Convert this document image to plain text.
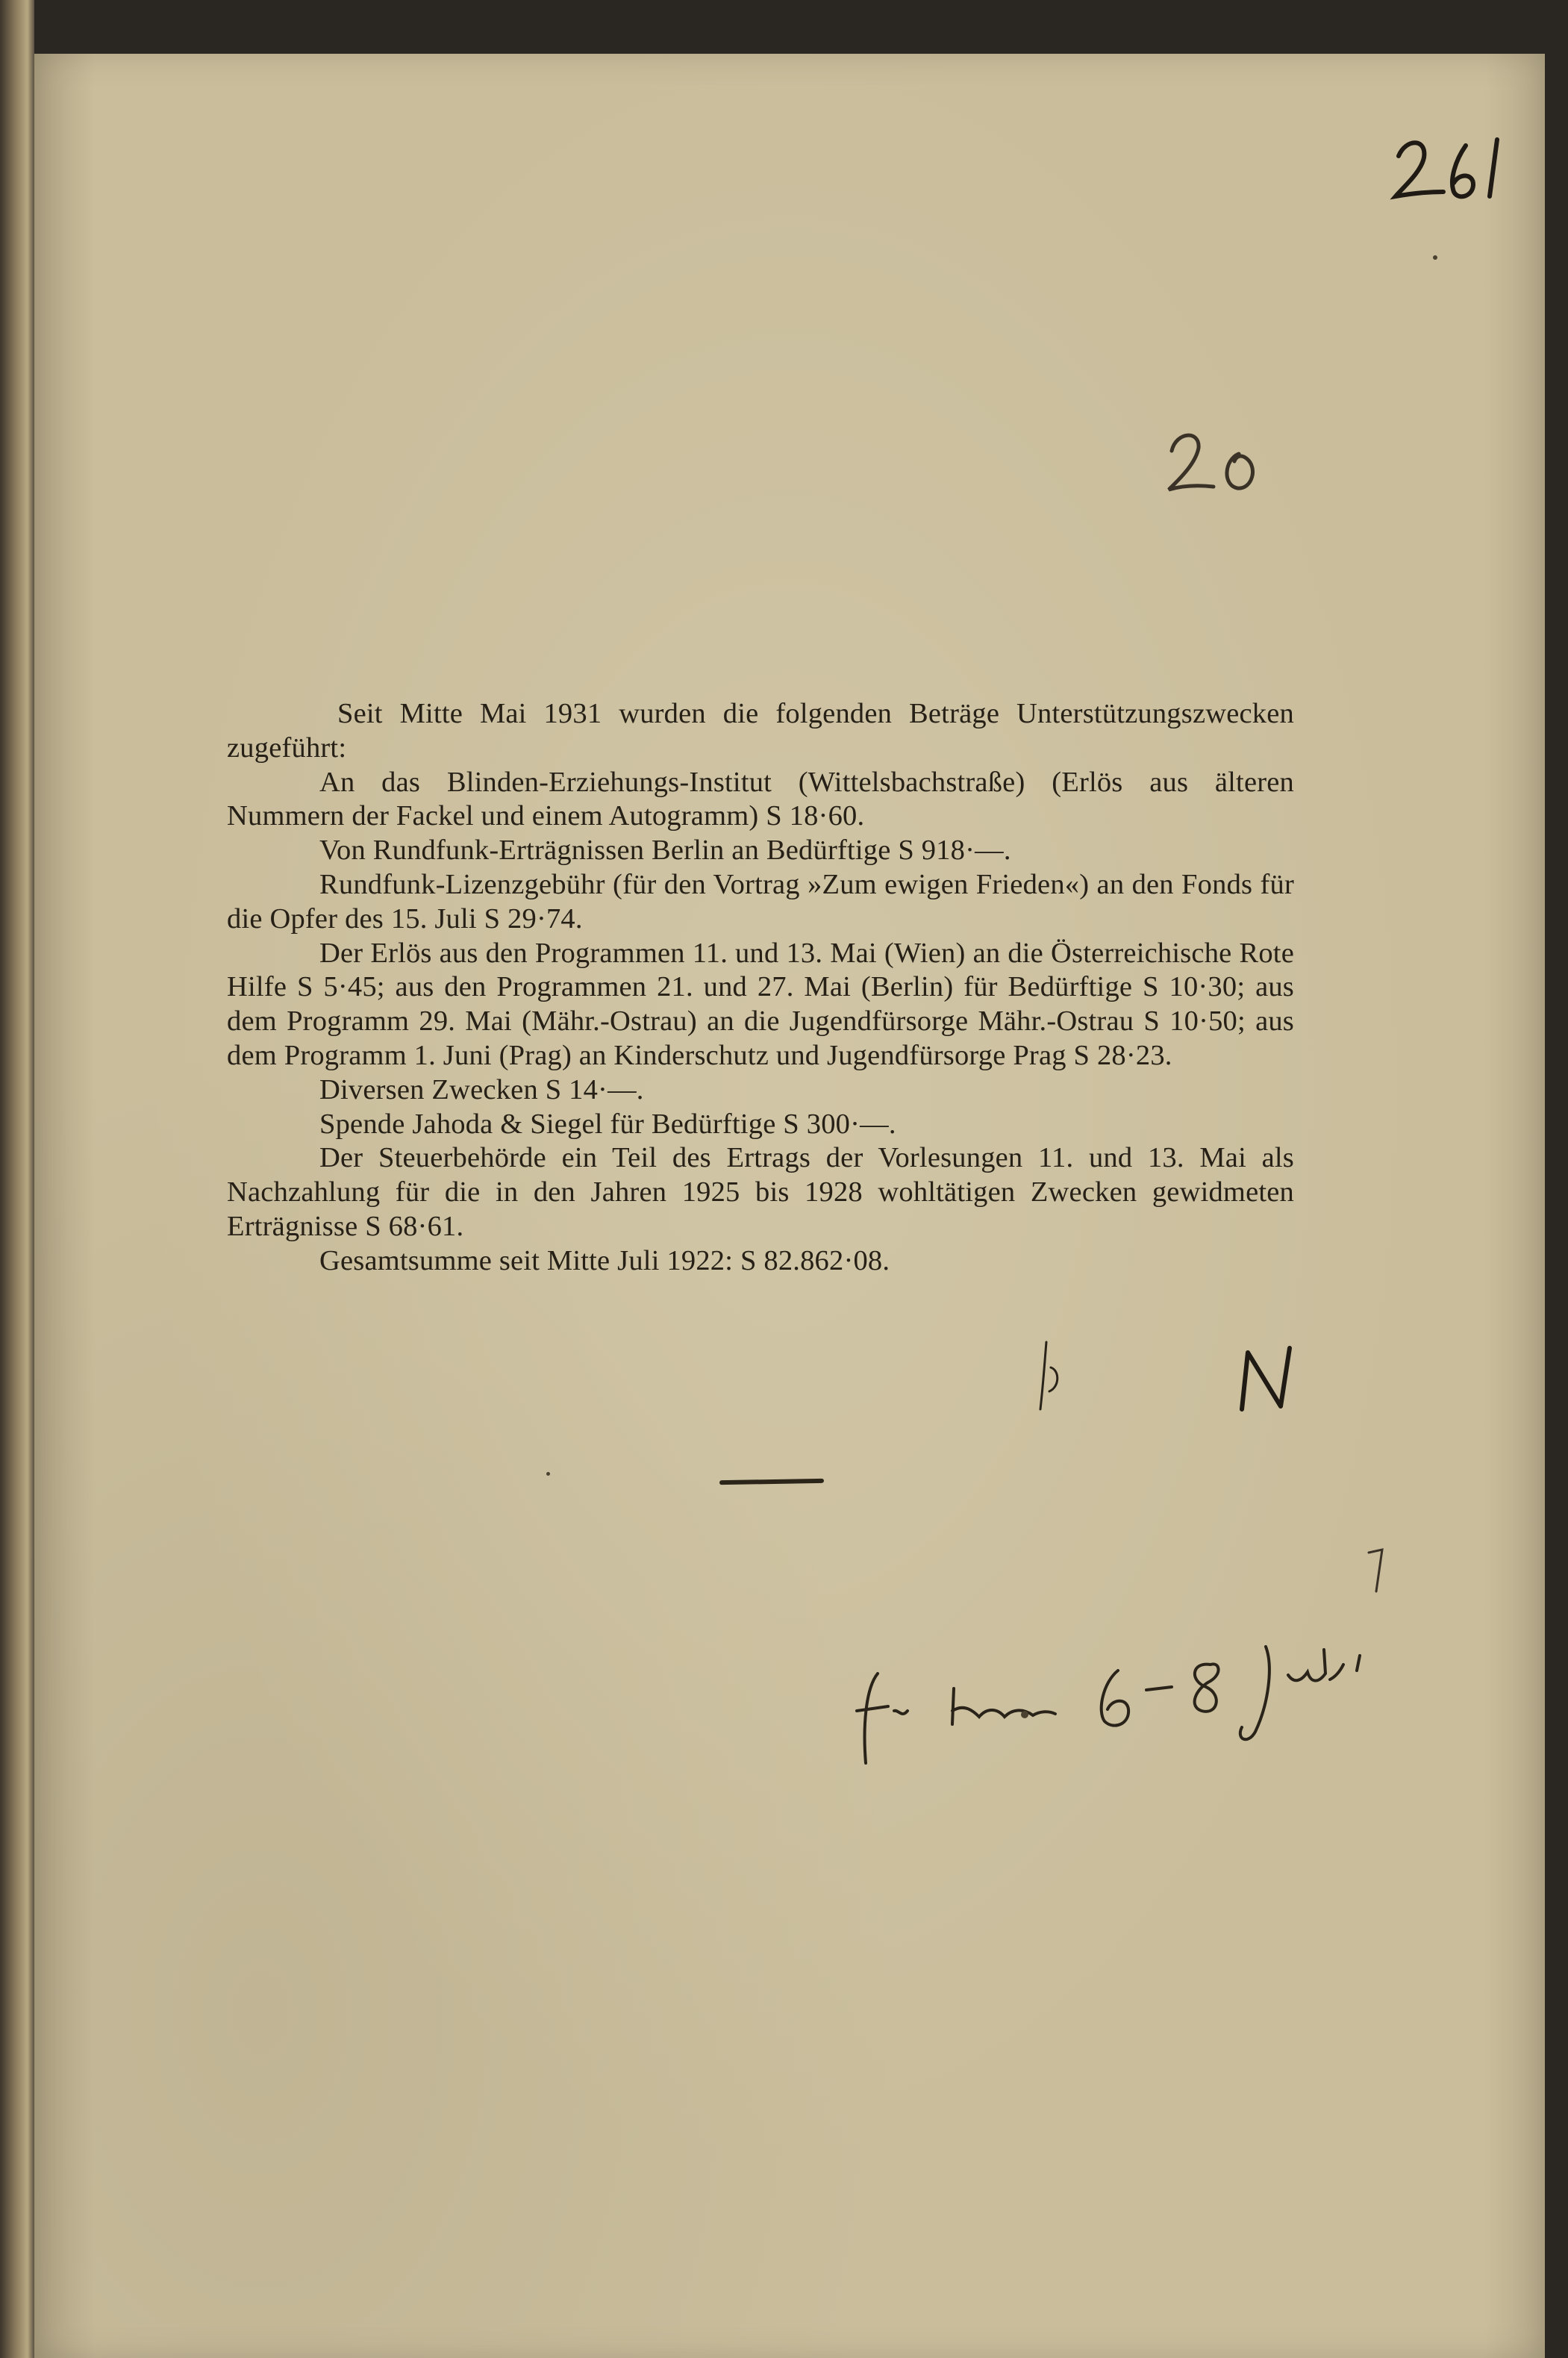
Seit Mitte Mai 1931 wurden die folgenden Beträge Unterstützungszwecken zugeführt:

An das Blinden-Erziehungs-Institut (Wittelsbachstraße) (Erlös aus älteren Nummern der Fackel und einem Autogramm) S 18·60.

Von Rundfunk-Erträgnissen Berlin an Bedürftige S 918·—.

Rundfunk-Lizenzgebühr (für den Vortrag »Zum ewigen Frieden«) an den Fonds für die Opfer des 15. Juli S 29·74.

Der Erlös aus den Programmen 11. und 13. Mai (Wien) an die Österreichische Rote Hilfe S 5·45; aus den Programmen 21. und 27. Mai (Berlin) für Bedürftige S 10·30; aus dem Programm 29. Mai (Mähr.-Ostrau) an die Jugendfürsorge Mähr.-Ostrau S 10·50; aus dem Programm 1. Juni (Prag) an Kinderschutz und Jugendfürsorge Prag S 28·23.

Diversen Zwecken S 14·—.

Spende Jahoda & Siegel für Bedürftige S 300·—.

Der Steuerbehörde ein Teil des Ertrags der Vorlesungen 11. und 13. Mai als Nachzahlung für die in den Jahren 1925 bis 1928 wohltätigen Zwecken gewidmeten Erträgnisse S 68·61.

Gesamtsumme seit Mitte Juli 1922: S 82.862·08.
